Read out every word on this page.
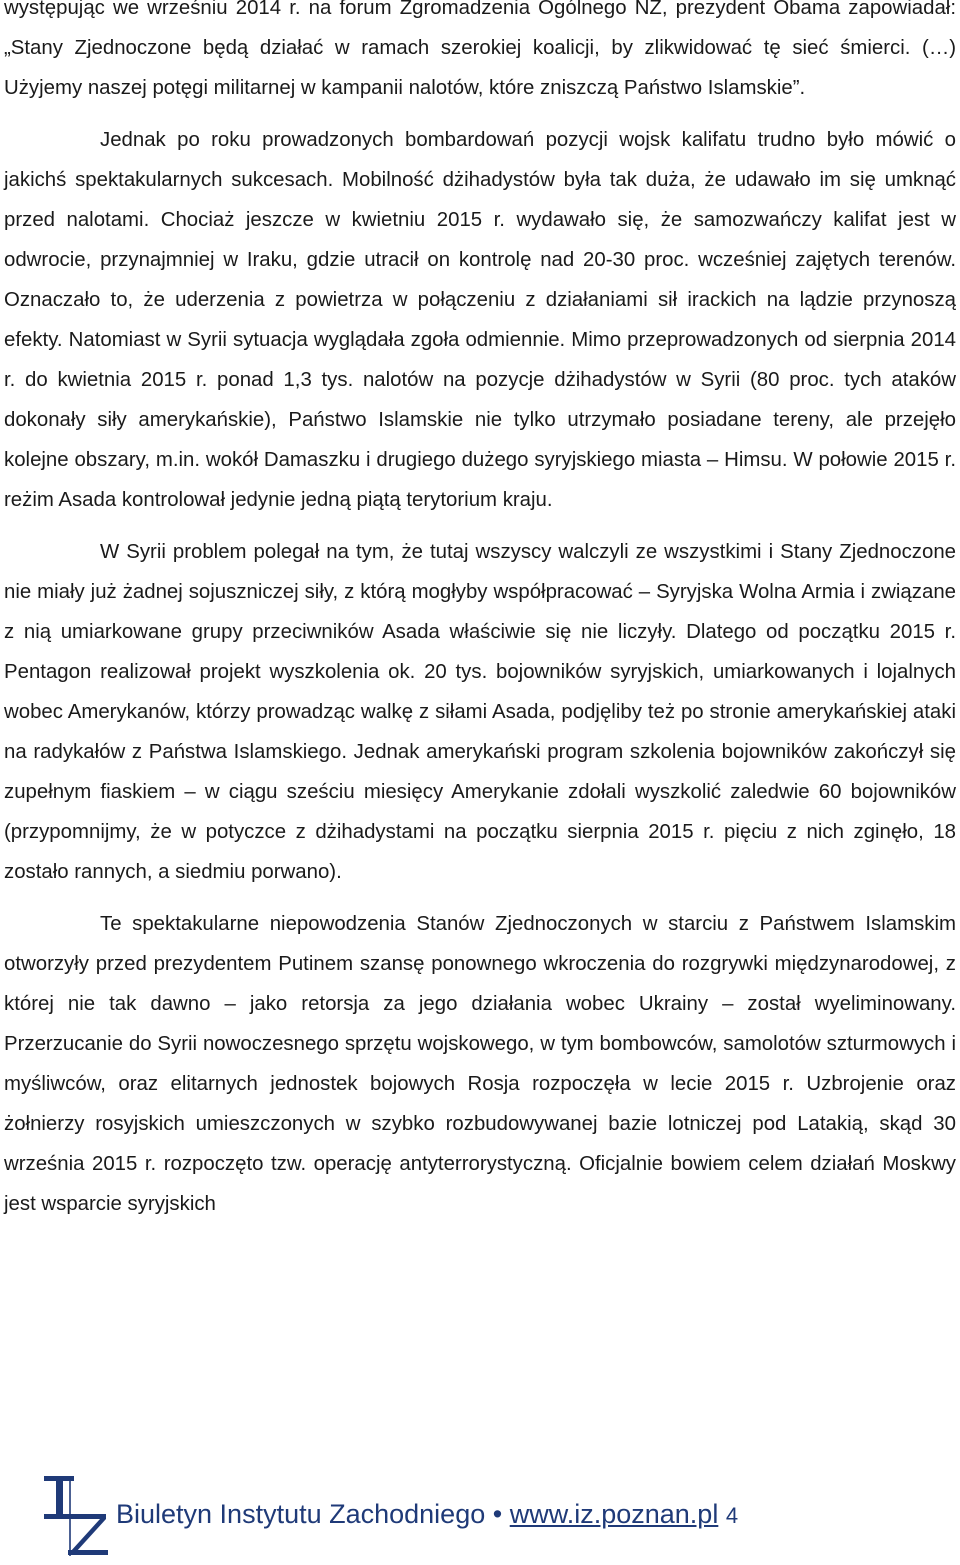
występując we wrześniu 2014 r. na forum Zgromadzenia Ogólnego NZ, prezydent Obama zapowiadał: „Stany Zjednoczone będą działać w ramach szerokiej koalicji, by zlikwidować tę sieć śmierci. (…) Użyjemy naszej potęgi militarnej w kampanii nalotów, które zniszczą Państwo Islamskie”.

Jednak po roku prowadzonych bombardowań pozycji wojsk kalifatu trudno było mówić o jakichś spektakularnych sukcesach. Mobilność dżihadystów była tak duża, że udawało im się umknąć przed nalotami. Chociaż jeszcze w kwietniu 2015 r. wydawało się, że samozwańczy kalifat jest w odwrocie, przynajmniej w Iraku, gdzie utracił on kontrolę nad 20-30 proc. wcześniej zajętych terenów. Oznaczało to, że uderzenia z powietrza w połączeniu z działaniami sił irackich na lądzie przynoszą efekty. Natomiast w Syrii sytuacja wyglądała zgoła odmiennie. Mimo przeprowadzonych od sierpnia 2014 r. do kwietnia 2015 r. ponad 1,3 tys. nalotów na pozycje dżihadystów w Syrii (80 proc. tych ataków dokonały siły amerykańskie), Państwo Islamskie nie tylko utrzymało posiadane tereny, ale przejęło kolejne obszary, m.in. wokół Damaszku i drugiego dużego syryjskiego miasta – Himsu. W połowie 2015 r. reżim Asada kontrolował jedynie jedną piątą terytorium kraju.

W Syrii problem polegał na tym, że tutaj wszyscy walczyli ze wszystkimi i Stany Zjednoczone nie miały już żadnej sojuszniczej siły, z którą mogłyby współpracować – Syryjska Wolna Armia i związane z nią umiarkowane grupy przeciwników Asada właściwie się nie liczyły. Dlatego od początku 2015 r. Pentagon realizował projekt wyszkolenia ok. 20 tys. bojowników syryjskich, umiarkowanych i lojalnych wobec Amerykanów, którzy prowadząc walkę z siłami Asada, podjęliby też po stronie amerykańskiej ataki na radykałów z Państwa Islamskiego. Jednak amerykański program szkolenia bojowników zakończył się zupełnym fiaskiem – w ciągu sześciu miesięcy Amerykanie zdołali wyszkolić zaledwie 60 bojowników (przypomnijmy, że w potyczce z dżihadystami na początku sierpnia 2015 r. pięciu z nich zginęło, 18 zostało rannych, a siedmiu porwano).

Te spektakularne niepowodzenia Stanów Zjednoczonych w starciu z Państwem Islamskim otworzyły przed prezydentem Putinem szansę ponownego wkroczenia do rozgrywki międzynarodowej, z której nie tak dawno – jako retorsja za jego działania wobec Ukrainy – został wyeliminowany. Przerzucanie do Syrii nowoczesnego sprzętu wojskowego, w tym bombowców, samolotów szturmowych i myśliwców, oraz elitarnych jednostek bojowych Rosja rozpoczęła w lecie 2015 r. Uzbrojenie oraz żołnierzy rosyjskich umieszczonych w szybko rozbudowywanej bazie lotniczej pod Latakią, skąd 30 września 2015 r. rozpoczęto tzw. operację antyterrorystyczną. Oficjalnie bowiem celem działań Moskwy jest wsparcie syryjskich

Biuletyn Instytutu Zachodniego • www.iz.poznan.pl 4
